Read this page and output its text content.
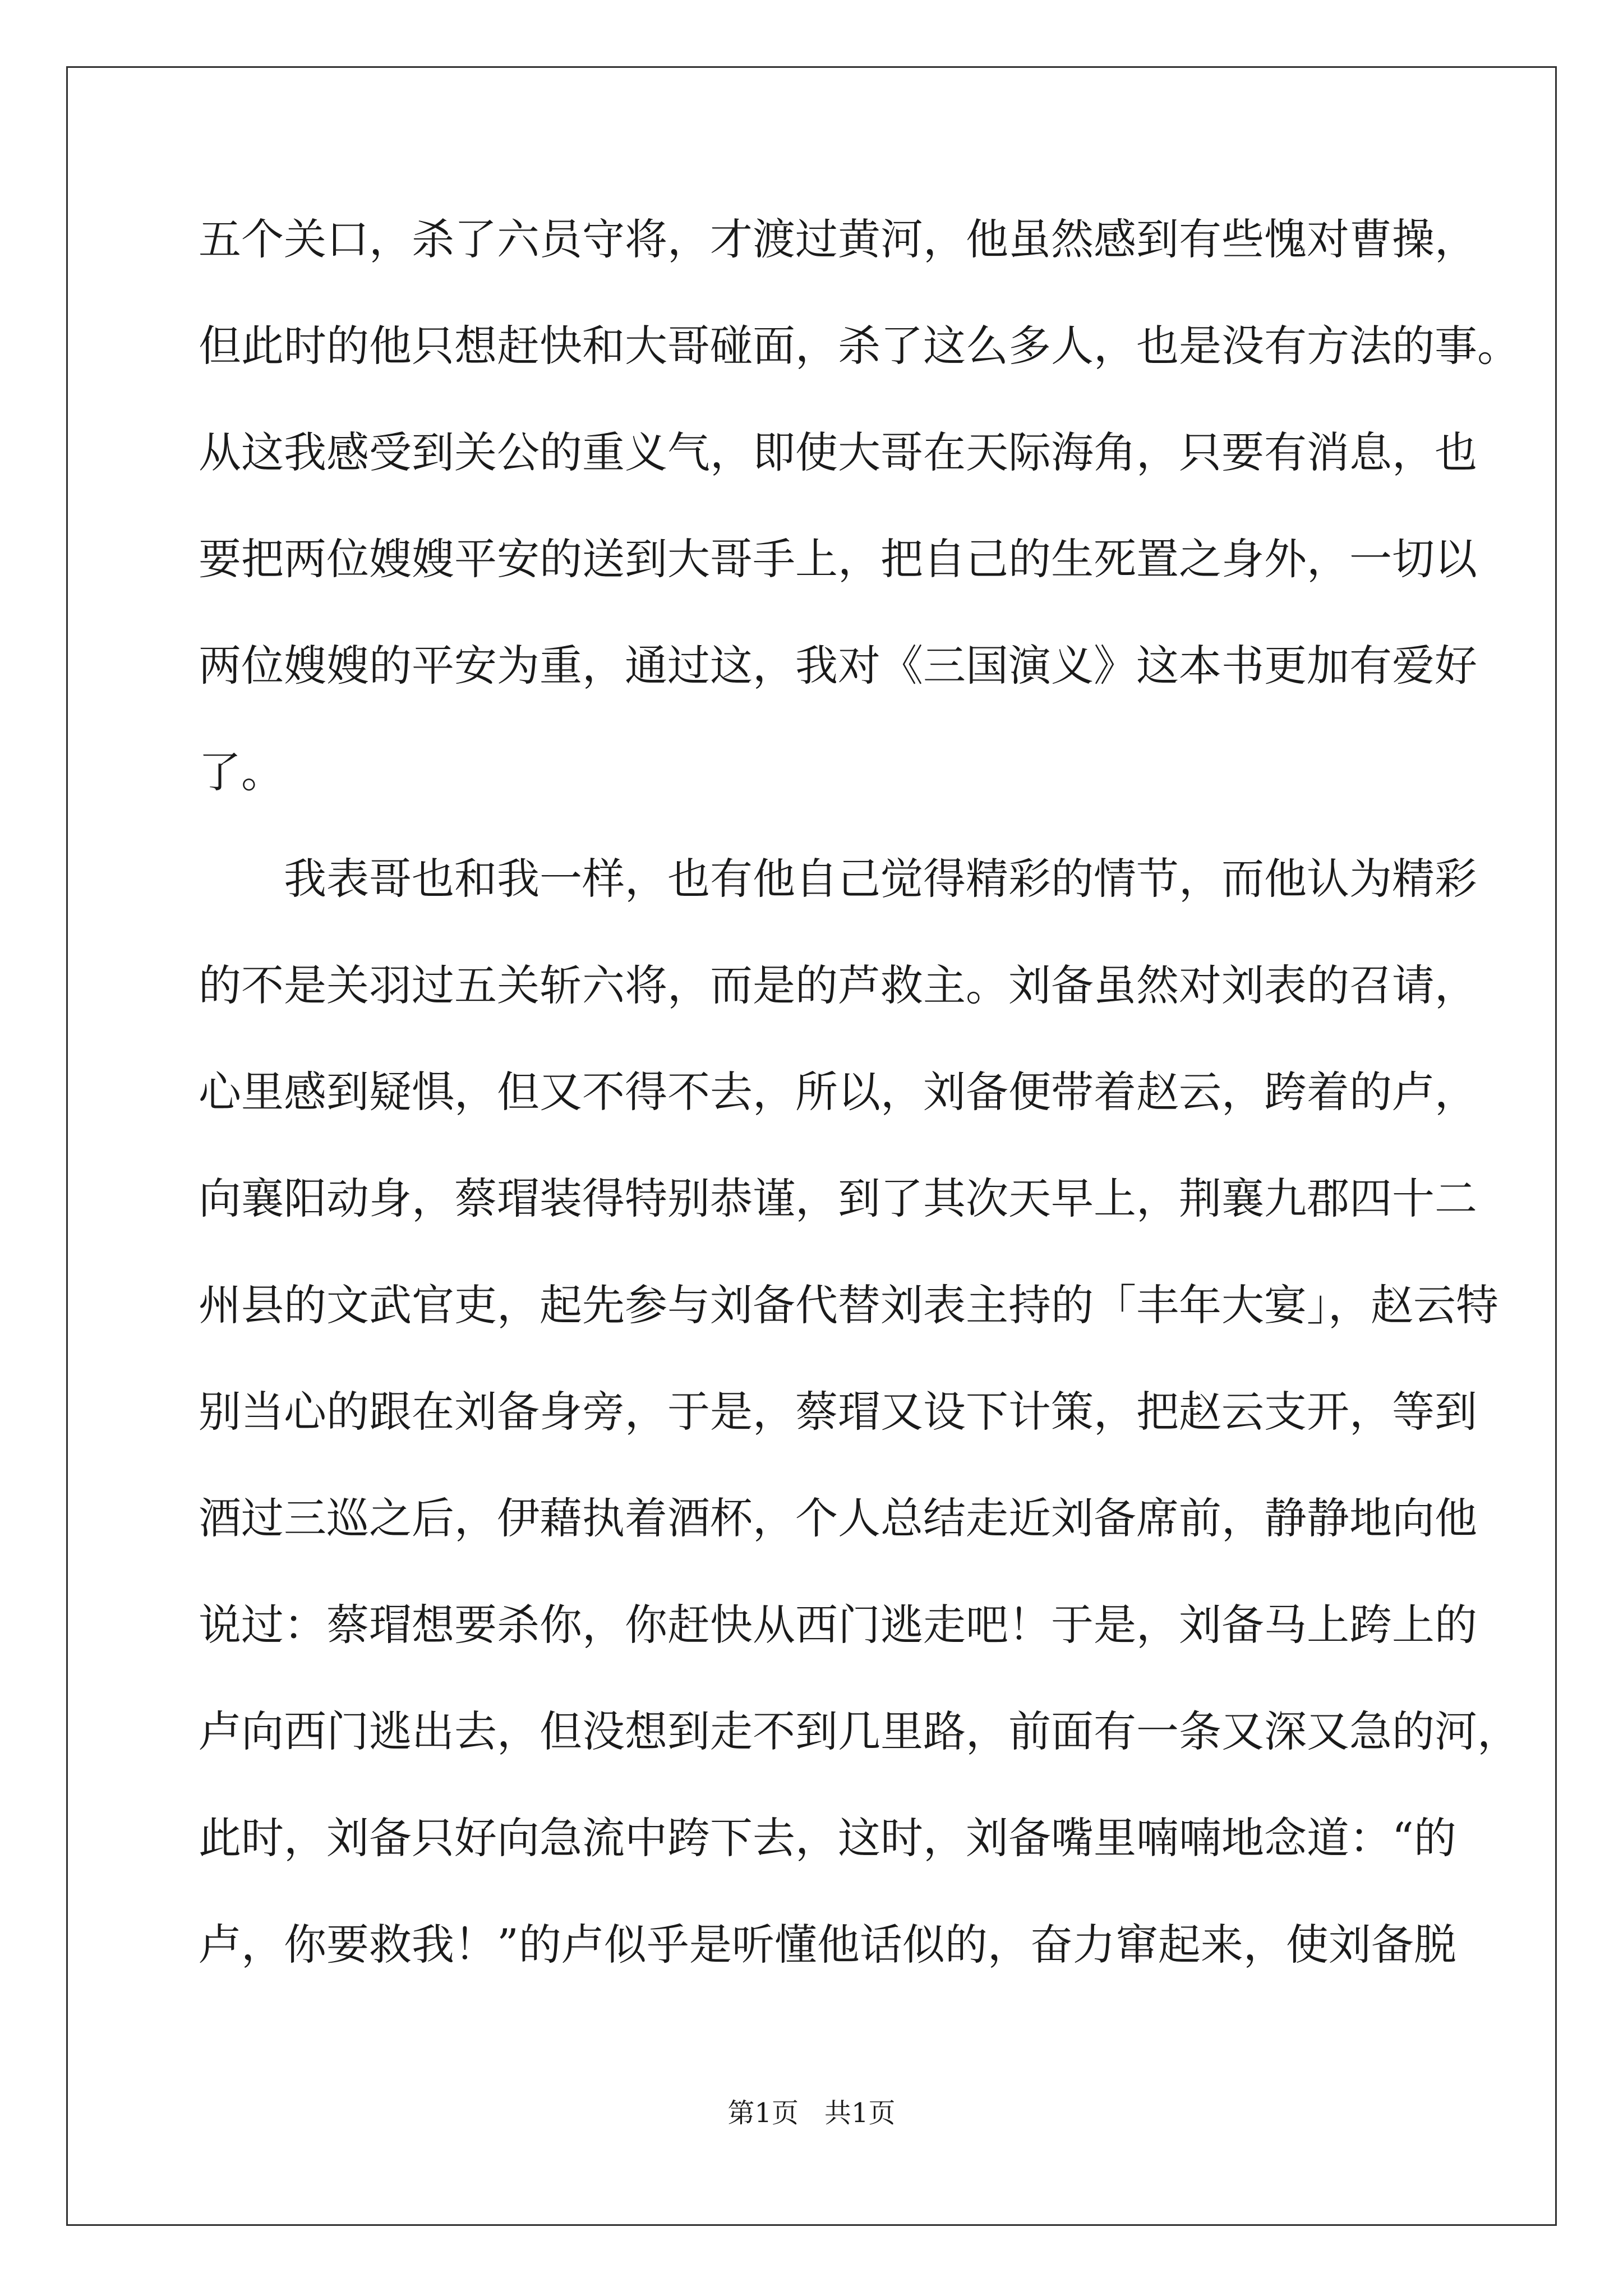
五个关口，杀了六员守将，才渡过黄河，他虽然感到有些愧对曹操，
但此时的他只想赶快和大哥碰面，杀了这么多人，也是没有方法的事。
从这我感受到关公的重义气，即使大哥在天际海角，只要有消息，也
要把两位嫂嫂平安的送到大哥手上，把自己的生死置之身外，一切以
两位嫂嫂的平安为重，通过这，我对《三国演义》这本书更加有爱好
了。
　　我表哥也和我一样，也有他自己觉得精彩的情节，而他认为精彩
的不是关羽过五关斩六将，而是的芦救主。刘备虽然对刘表的召请，
心里感到疑惧，但又不得不去，所以，刘备便带着赵云，跨着的卢，
向襄阳动身，蔡瑁装得特别恭谨，到了其次天早上，荆襄九郡四十二
州县的文武官吏，起先参与刘备代替刘表主持的「丰年大宴」，赵云特
别当心的跟在刘备身旁，于是，蔡瑁又设下计策，把赵云支开，等到
酒过三巡之后，伊藉执着酒杯，个人总结走近刘备席前，静静地向他
说过：蔡瑁想要杀你，你赶快从西门逃走吧！于是，刘备马上跨上的
卢向西门逃出去，但没想到走不到几里路，前面有一条又深又急的河，
此时，刘备只好向急流中跨下去，这时，刘备嘴里喃喃地念道：“的
卢，你要救我！”的卢似乎是听懂他话似的，奋力窜起来，使刘备脱
第1页 共1页
